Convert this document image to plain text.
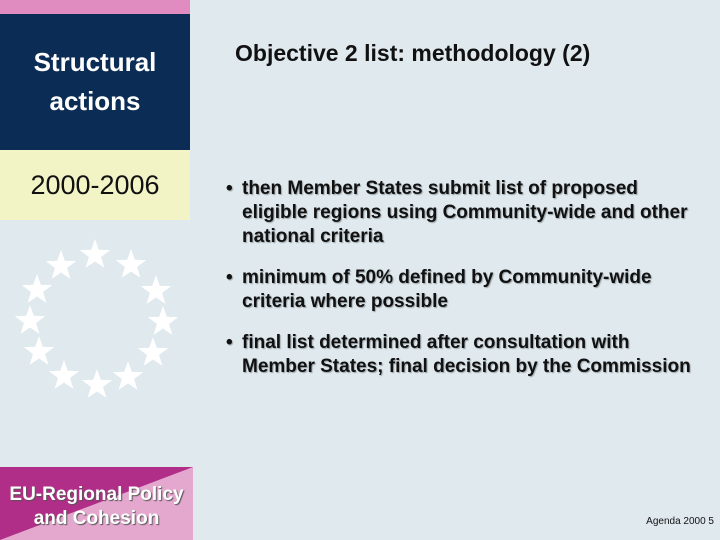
Structural
actions
2000-2006
EU-Regional Policy
and Cohesion
Objective 2 list: methodology (2)
• then Member States submit list of proposed eligible regions using Community-wide and other national criteria
• minimum of 50% defined by Community-wide criteria where possible
• final list determined after consultation with Member States; final decision by the Commission
Agenda 2000 5
